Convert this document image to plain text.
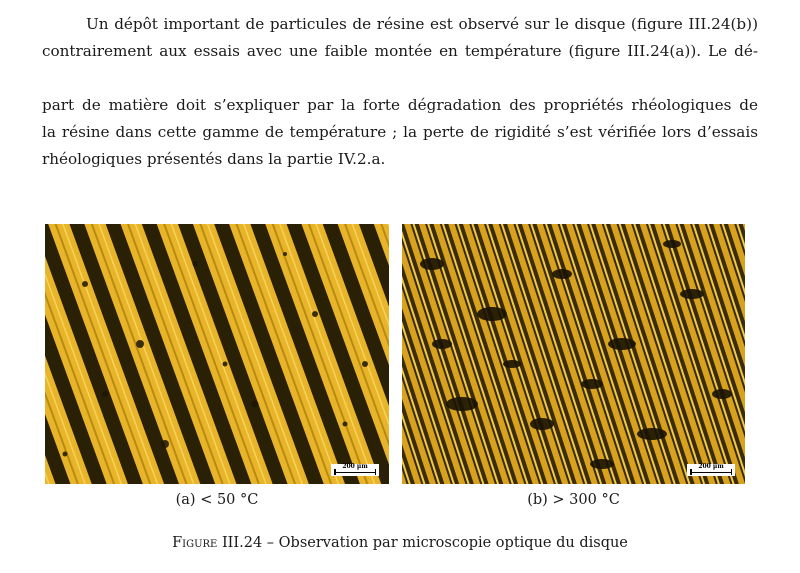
Un dépôt important de particules de résine est observé sur le disque (figure III.24(b))
contrairement aux essais avec une faible montée en température (figure III.24(a)). Le dé-
part de matière doit s’expliquer par la forte dégradation des propriétés rhéologiques de
la résine dans cette gamme de température ; la perte de rigidité s’est vérifiée lors d’essais
rhéologiques présentés dans la partie IV.2.a.
200 µm	200 µm
(a) < 50 °C	(b) > 300 °C
Figure III.24 – Observation par microscopie optique du disque
